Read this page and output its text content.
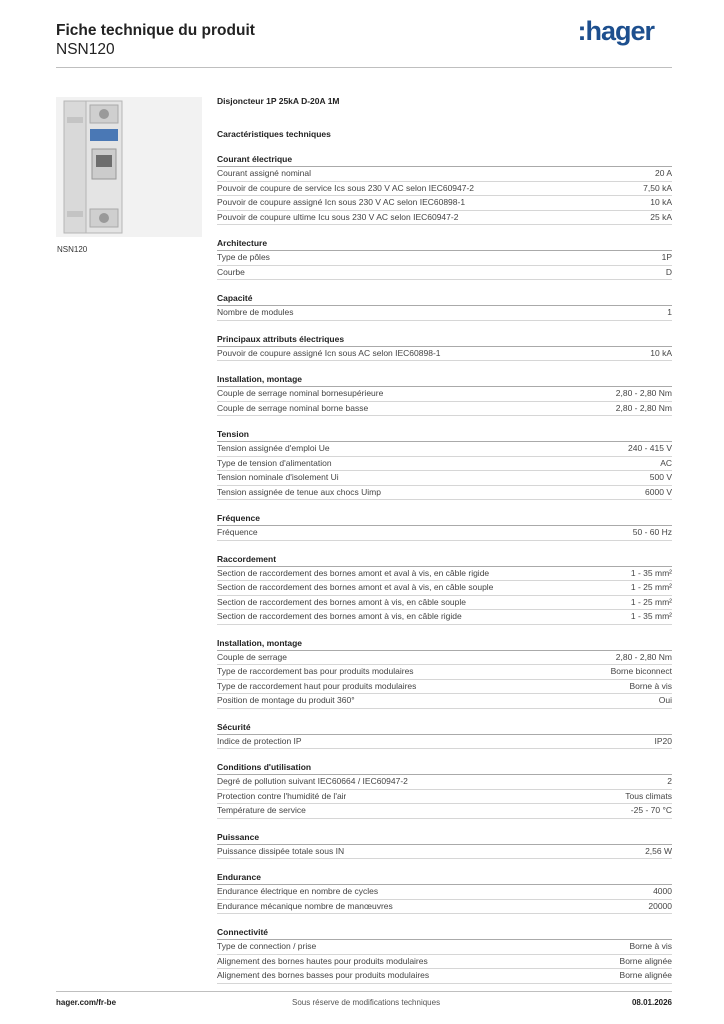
Fiche technique du produit
NSN120
:hager
NSN120
Disjoncteur 1P 25kA D-20A 1M
Caractéristiques techniques
Courant électrique
Courant assigné nominal	20 A
Pouvoir de coupure de service Ics sous 230 V AC selon IEC60947-2	7,50 kA
Pouvoir de coupure assigné Icn sous 230 V AC selon IEC60898-1	10 kA
Pouvoir de coupure ultime Icu sous 230 V AC selon IEC60947-2	25 kA
Architecture
Type de pôles	1P
Courbe	D
Capacité
Nombre de modules	1
Principaux attributs électriques
Pouvoir de coupure assigné Icn sous AC selon IEC60898-1	10 kA
Installation, montage
Couple de serrage nominal bornesupérieure	2,80 - 2,80 Nm
Couple de serrage nominal borne basse	2,80 - 2,80 Nm
Tension
Tension assignée d'emploi Ue	240 - 415 V
Type de tension d'alimentation	AC
Tension nominale d'isolement Ui	500 V
Tension assignée de tenue aux chocs Uimp	6000 V
Fréquence
Fréquence	50 - 60 Hz
Raccordement
Section de raccordement des bornes amont et aval à vis, en câble rigide	1 - 35 mm²
Section de raccordement des bornes amont et aval à vis, en câble souple	1 - 25 mm²
Section de raccordement des bornes amont à vis, en câble souple	1 - 25 mm²
Section de raccordement des bornes amont à vis, en câble rigide	1 - 35 mm²
Installation, montage
Couple de serrage	2,80 - 2,80 Nm
Type de raccordement bas pour produits modulaires	Borne biconnect
Type de raccordement haut pour produits modulaires	Borne à vis
Position de montage du produit 360°	Oui
Sécurité
Indice de protection IP	IP20
Conditions d'utilisation
Degré de pollution suivant IEC60664 / IEC60947-2	2
Protection contre l'humidité de l'air	Tous climats
Température de service	-25 - 70 °C
Puissance
Puissance dissipée totale sous IN	2,56 W
Endurance
Endurance électrique en nombre de cycles	4000
Endurance mécanique nombre de manœuvres	20000
Connectivité
Type de connection / prise	Borne à vis
Alignement des bornes hautes pour produits modulaires	Borne alignée
Alignement des bornes basses pour produits modulaires	Borne alignée
hager.com/fr-be	Sous réserve de modifications techniques	08.01.2026
